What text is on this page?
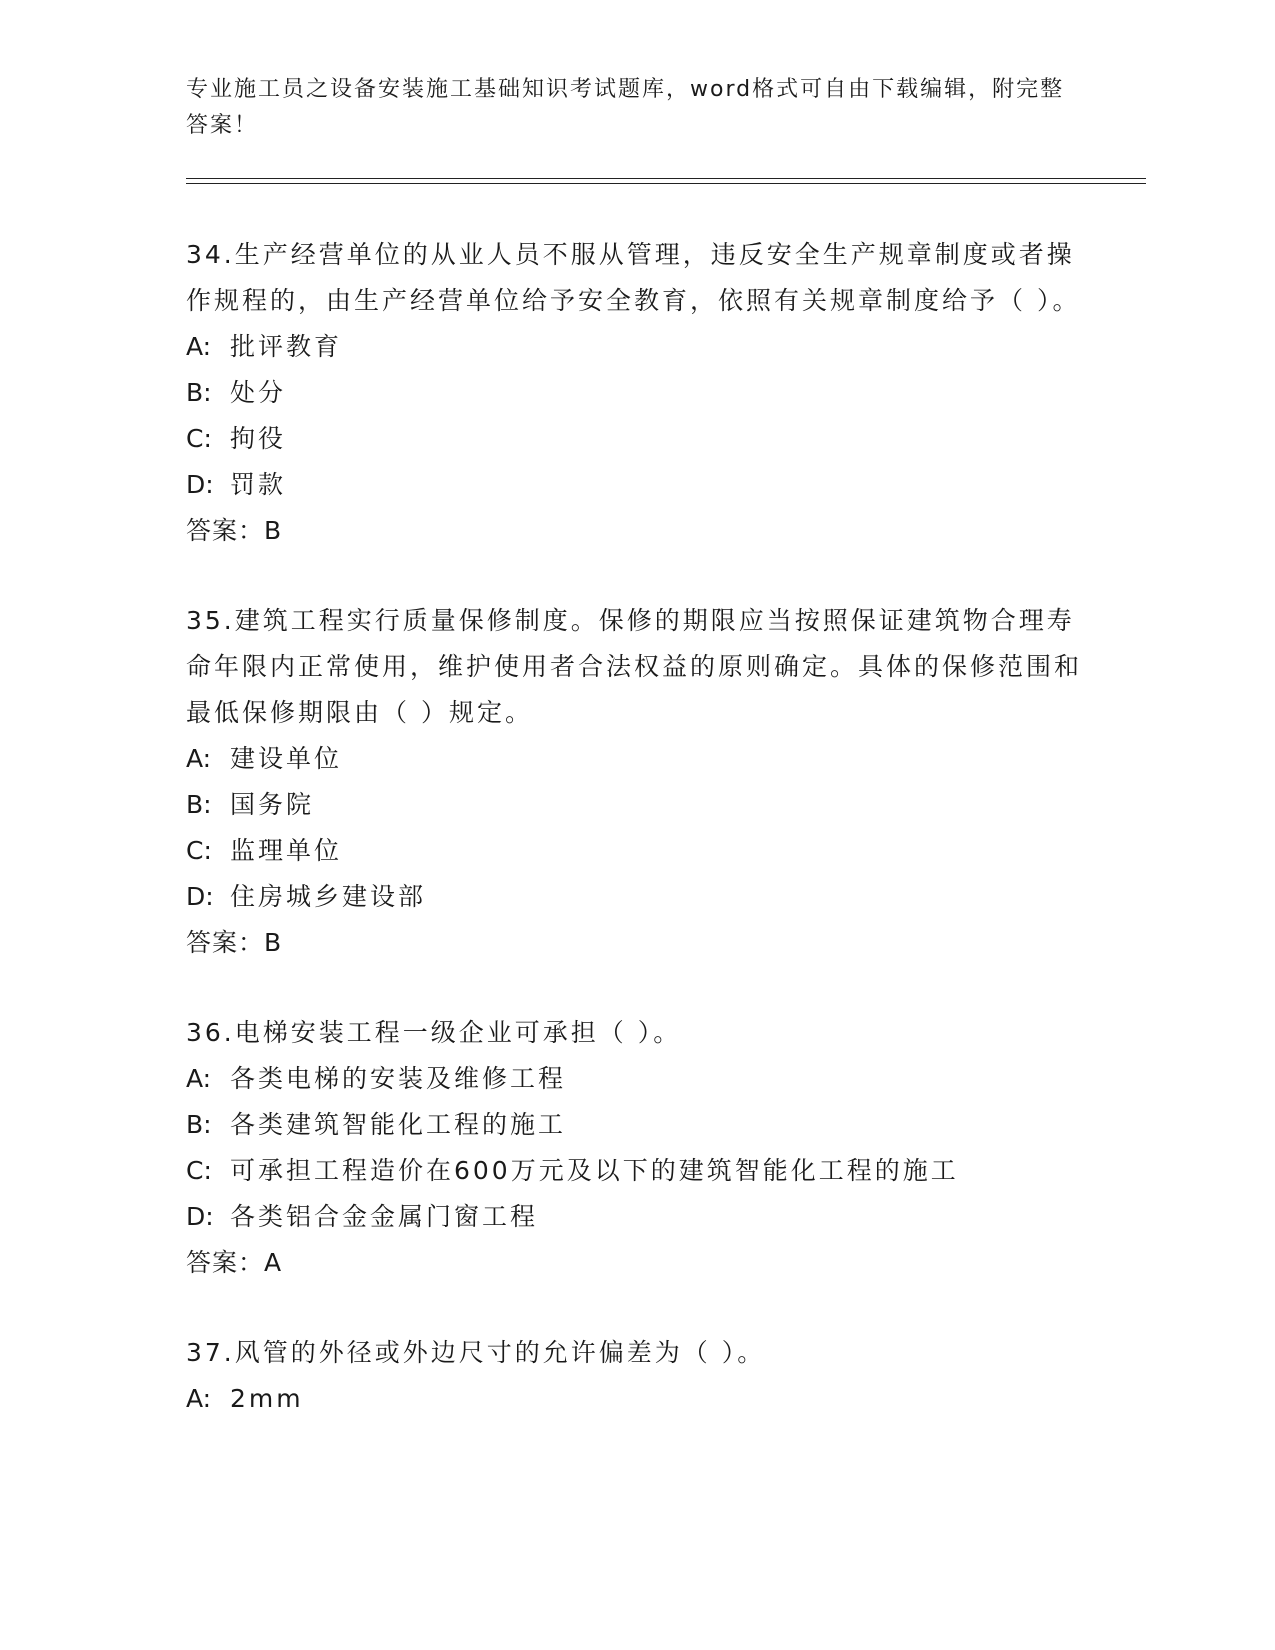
专业施工员之设备安装施工基础知识考试题库，word格式可自由下载编辑，附完整答案！
34.生产经营单位的从业人员不服从管理，违反安全生产规章制度或者操作规程的，由生产经营单位给予安全教育，依照有关规章制度给予（ ）。
A: 批评教育
B: 处分
C: 拘役
D: 罚款
答案：B
35.建筑工程实行质量保修制度。保修的期限应当按照保证建筑物合理寿命年限内正常使用，维护使用者合法权益的原则确定。具体的保修范围和最低保修期限由（ ）规定。
A: 建设单位
B: 国务院
C: 监理单位
D: 住房城乡建设部
答案：B
36.电梯安装工程一级企业可承担（ ）。
A: 各类电梯的安装及维修工程
B: 各类建筑智能化工程的施工
C: 可承担工程造价在600万元及以下的建筑智能化工程的施工
D: 各类铝合金金属门窗工程
答案：A
37.风管的外径或外边尺寸的允许偏差为（ ）。
A: 2mm
